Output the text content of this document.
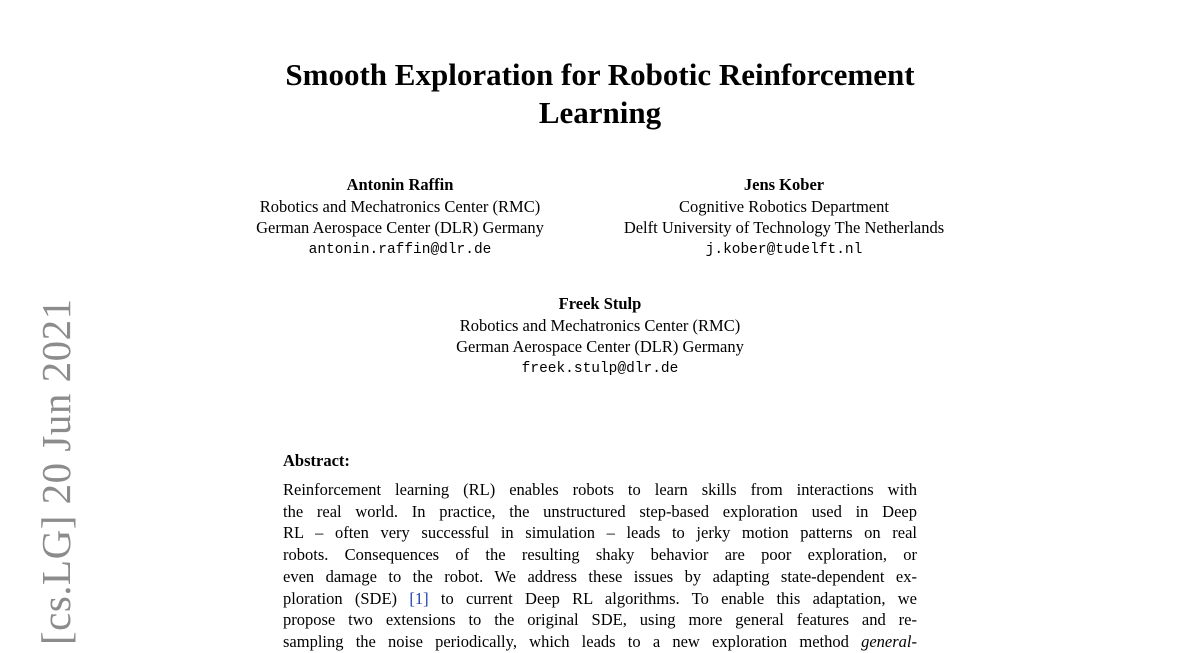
Smooth Exploration for Robotic Reinforcement
Learning
Antonin Raffin
Robotics and Mechatronics Center (RMC)
German Aerospace Center (DLR) Germany
antonin.raffin@dlr.de
Jens Kober
Cognitive Robotics Department
Delft University of Technology The Netherlands
j.kober@tudelft.nl
Freek Stulp
Robotics and Mechatronics Center (RMC)
German Aerospace Center (DLR) Germany
freek.stulp@dlr.de
[cs.LG] 20 Jun 2021	Abstract:
Reinforcement learning (RL) enables robots to learn skills from interactions with
the real world. In practice, the unstructured step-based exploration used in Deep
RL – often very successful in simulation – leads to jerky motion patterns on real
robots. Consequences of the resulting shaky behavior are poor exploration, or
even damage to the robot. We address these issues by adapting state-dependent ex-
ploration (SDE) [1] to current Deep RL algorithms. To enable this adaptation, we
propose two extensions to the original SDE, using more general features and re-
sampling the noise periodically, which leads to a new exploration method general-
